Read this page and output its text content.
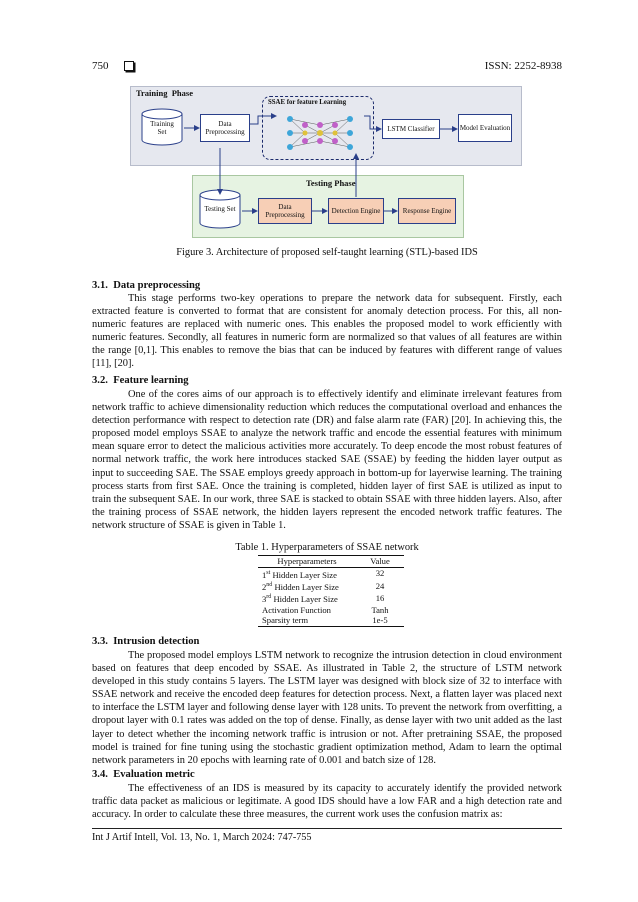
750	ISSN: 2252-8938
Training  Phase
SSAE for feature Learning
Training Set
Data Preprocessing	LSTM Classifier	Model Evaluation
Testing Phase
Testing Set	Data Preprocessing	Detection Engine	Response Engine
Figure 3. Architecture of proposed self-taught learning (STL)-based IDS
3.1.  Data preprocessing
This stage performs two-key operations to prepare the network data for subsequent. Firstly, each extracted feature is converted to format that are consistent for anomaly detection process. For this, all non-numeric features are replaced with numeric ones. This enables the proposed model to work efficiently with numeric features. Secondly, all features in numeric form are normalized so that values of all features are within the range [0,1]. This enables to remove the bias that can be induced by features with different range of values [11], [20].
3.2.  Feature learning
One of the cores aims of our approach is to effectively identify and eliminate irrelevant features from network traffic to achieve dimensionality reduction which reduces the computational overload and enhances the detection performance with respect to detection rate (DR) and false alarm rate (FAR) [20]. In achieving this, the proposed model employs SSAE to analyze the network traffic and encode the essential features with minimum mean square error to detect the malicious activities more accurately. To deep encode the most robust features of normal network traffic, the work here introduces stacked SAE (SSAE) by feeding the hidden layer output as input to succeeding SAE. The SSAE employs greedy approach in bottom-up for layerwise learning. The training process starts from first SAE. Once the training is completed, hidden layer of first SAE is utilized as input to train the subsequent SAE. In our work, three SAE is stacked to obtain SSAE with three hidden layers. Also, after the training process of SSAE network, the hidden layers represent the encoded network traffic features. The network structure of SSAE is given in Table 1.
Table 1. Hyperparameters of SSAE network
Hyperparameters	Value
1st Hidden Layer Size	32
2nd Hidden Layer Size	24
3rd Hidden Layer Size	16
Activation Function	Tanh
Sparsity term	1e-5
3.3.  Intrusion detection
The proposed model employs LSTM network to recognize the intrusion detection in cloud environment based on features that deep encoded by SSAE. As illustrated in Table 2, the structure of LSTM network developed in this study contains 5 layers. The LSTM layer was designed with block size of 32 to interface with SSAE network and receive the encoded deep features for detection process. Next, a flatten layer was placed next to interface the LSTM layer and following dense layer with 128 units. To prevent the network from overfitting, a dropout layer with 0.1 rates was added on the top of dense. Finally, as dense layer with two unit added as the last layer to detect whether the incoming network traffic is intrusion or not. After pretraining SSAE, the proposed model is trained for fine tuning using the stochastic gradient optimization method, Adam to learn the optimal network parameters in 20 epochs with learning rate of 0.001 and batch size of 128.
3.4.  Evaluation metric
The effectiveness of an IDS is measured by its capacity to accurately identify the provided network traffic data packet as malicious or legitimate. A good IDS should have a low FAR and a high detection rate and accuracy. In order to calculate these three measures, the current work uses the confusion matrix as:
Int J Artif Intell, Vol. 13, No. 1, March 2024: 747-755
